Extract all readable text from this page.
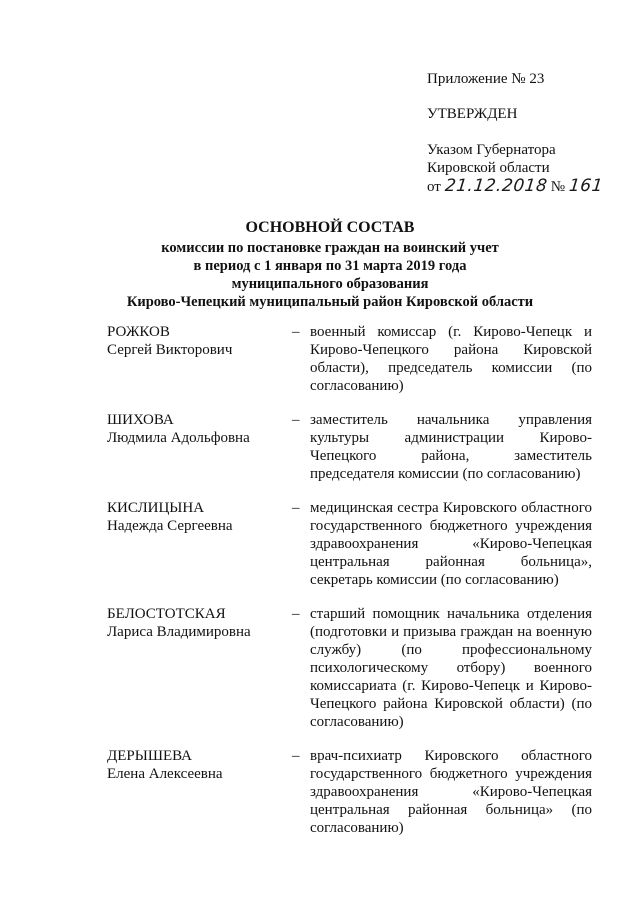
Приложение № 23
УТВЕРЖДЕН
Указом Губернатора
Кировской области
от 21.12.2018 № 161
ОСНОВНОЙ СОСТАВ
комиссии по постановке граждан на воинский учет
в период с 1 января по 31 марта 2019 года
муниципального образования
Кирово-Чепецкий муниципальный район Кировской области
РОЖКОВ
Сергей Викторович
– военный комиссар (г. Кирово-Чепецк и Кирово-Чепецкого района Кировской области), председатель комиссии (по согласованию)
ШИХОВА
Людмила Адольфовна
– заместитель начальника управления культуры администрации Кирово-Чепецкого района, заместитель председателя комиссии (по согласованию)
КИСЛИЦЫНА
Надежда Сергеевна
– медицинская сестра Кировского областного государственного бюджетного учреждения здравоохранения «Кирово-Чепецкая центральная районная больница», секретарь комиссии (по согласованию)
БЕЛОСТОТСКАЯ
Лариса Владимировна
– старший помощник начальника отделения (подготовки и призыва граждан на военную службу) (по профессиональному психологическому отбору) военного комиссариата (г. Кирово-Чепецк и Кирово-Чепецкого района Кировской области) (по согласованию)
ДЕРЫШЕВА
Елена Алексеевна
– врач-психиатр Кировского областного государственного бюджетного учреждения здравоохранения «Кирово-Чепецкая центральная районная больница» (по согласованию)
